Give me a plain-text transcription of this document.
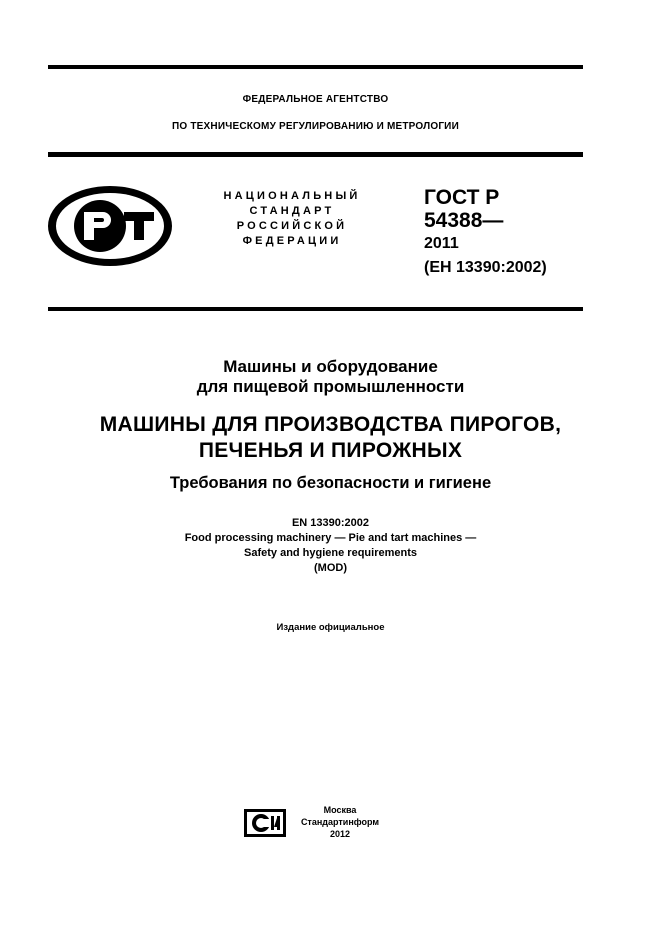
ФЕДЕРАЛЬНОЕ АГЕНТСТВО
ПО ТЕХНИЧЕСКОМУ РЕГУЛИРОВАНИЮ И МЕТРОЛОГИИ
НАЦИОНАЛЬНЫЙ
СТАНДАРТ
РОССИЙСКОЙ
ФЕДЕРАЦИИ
ГОСТ Р
54388—
2011
(ЕН 13390:2002)
Машины и оборудование
для пищевой промышленности
МАШИНЫ ДЛЯ ПРОИЗВОДСТВА ПИРОГОВ,
ПЕЧЕНЬЯ И ПИРОЖНЫХ
Требования по безопасности и гигиене
EN 13390:2002
Food processing machinery — Pie and tart machines —
Safety and hygiene requirements
(MOD)
Издание официальное
Москва
Стандартинформ
2012
